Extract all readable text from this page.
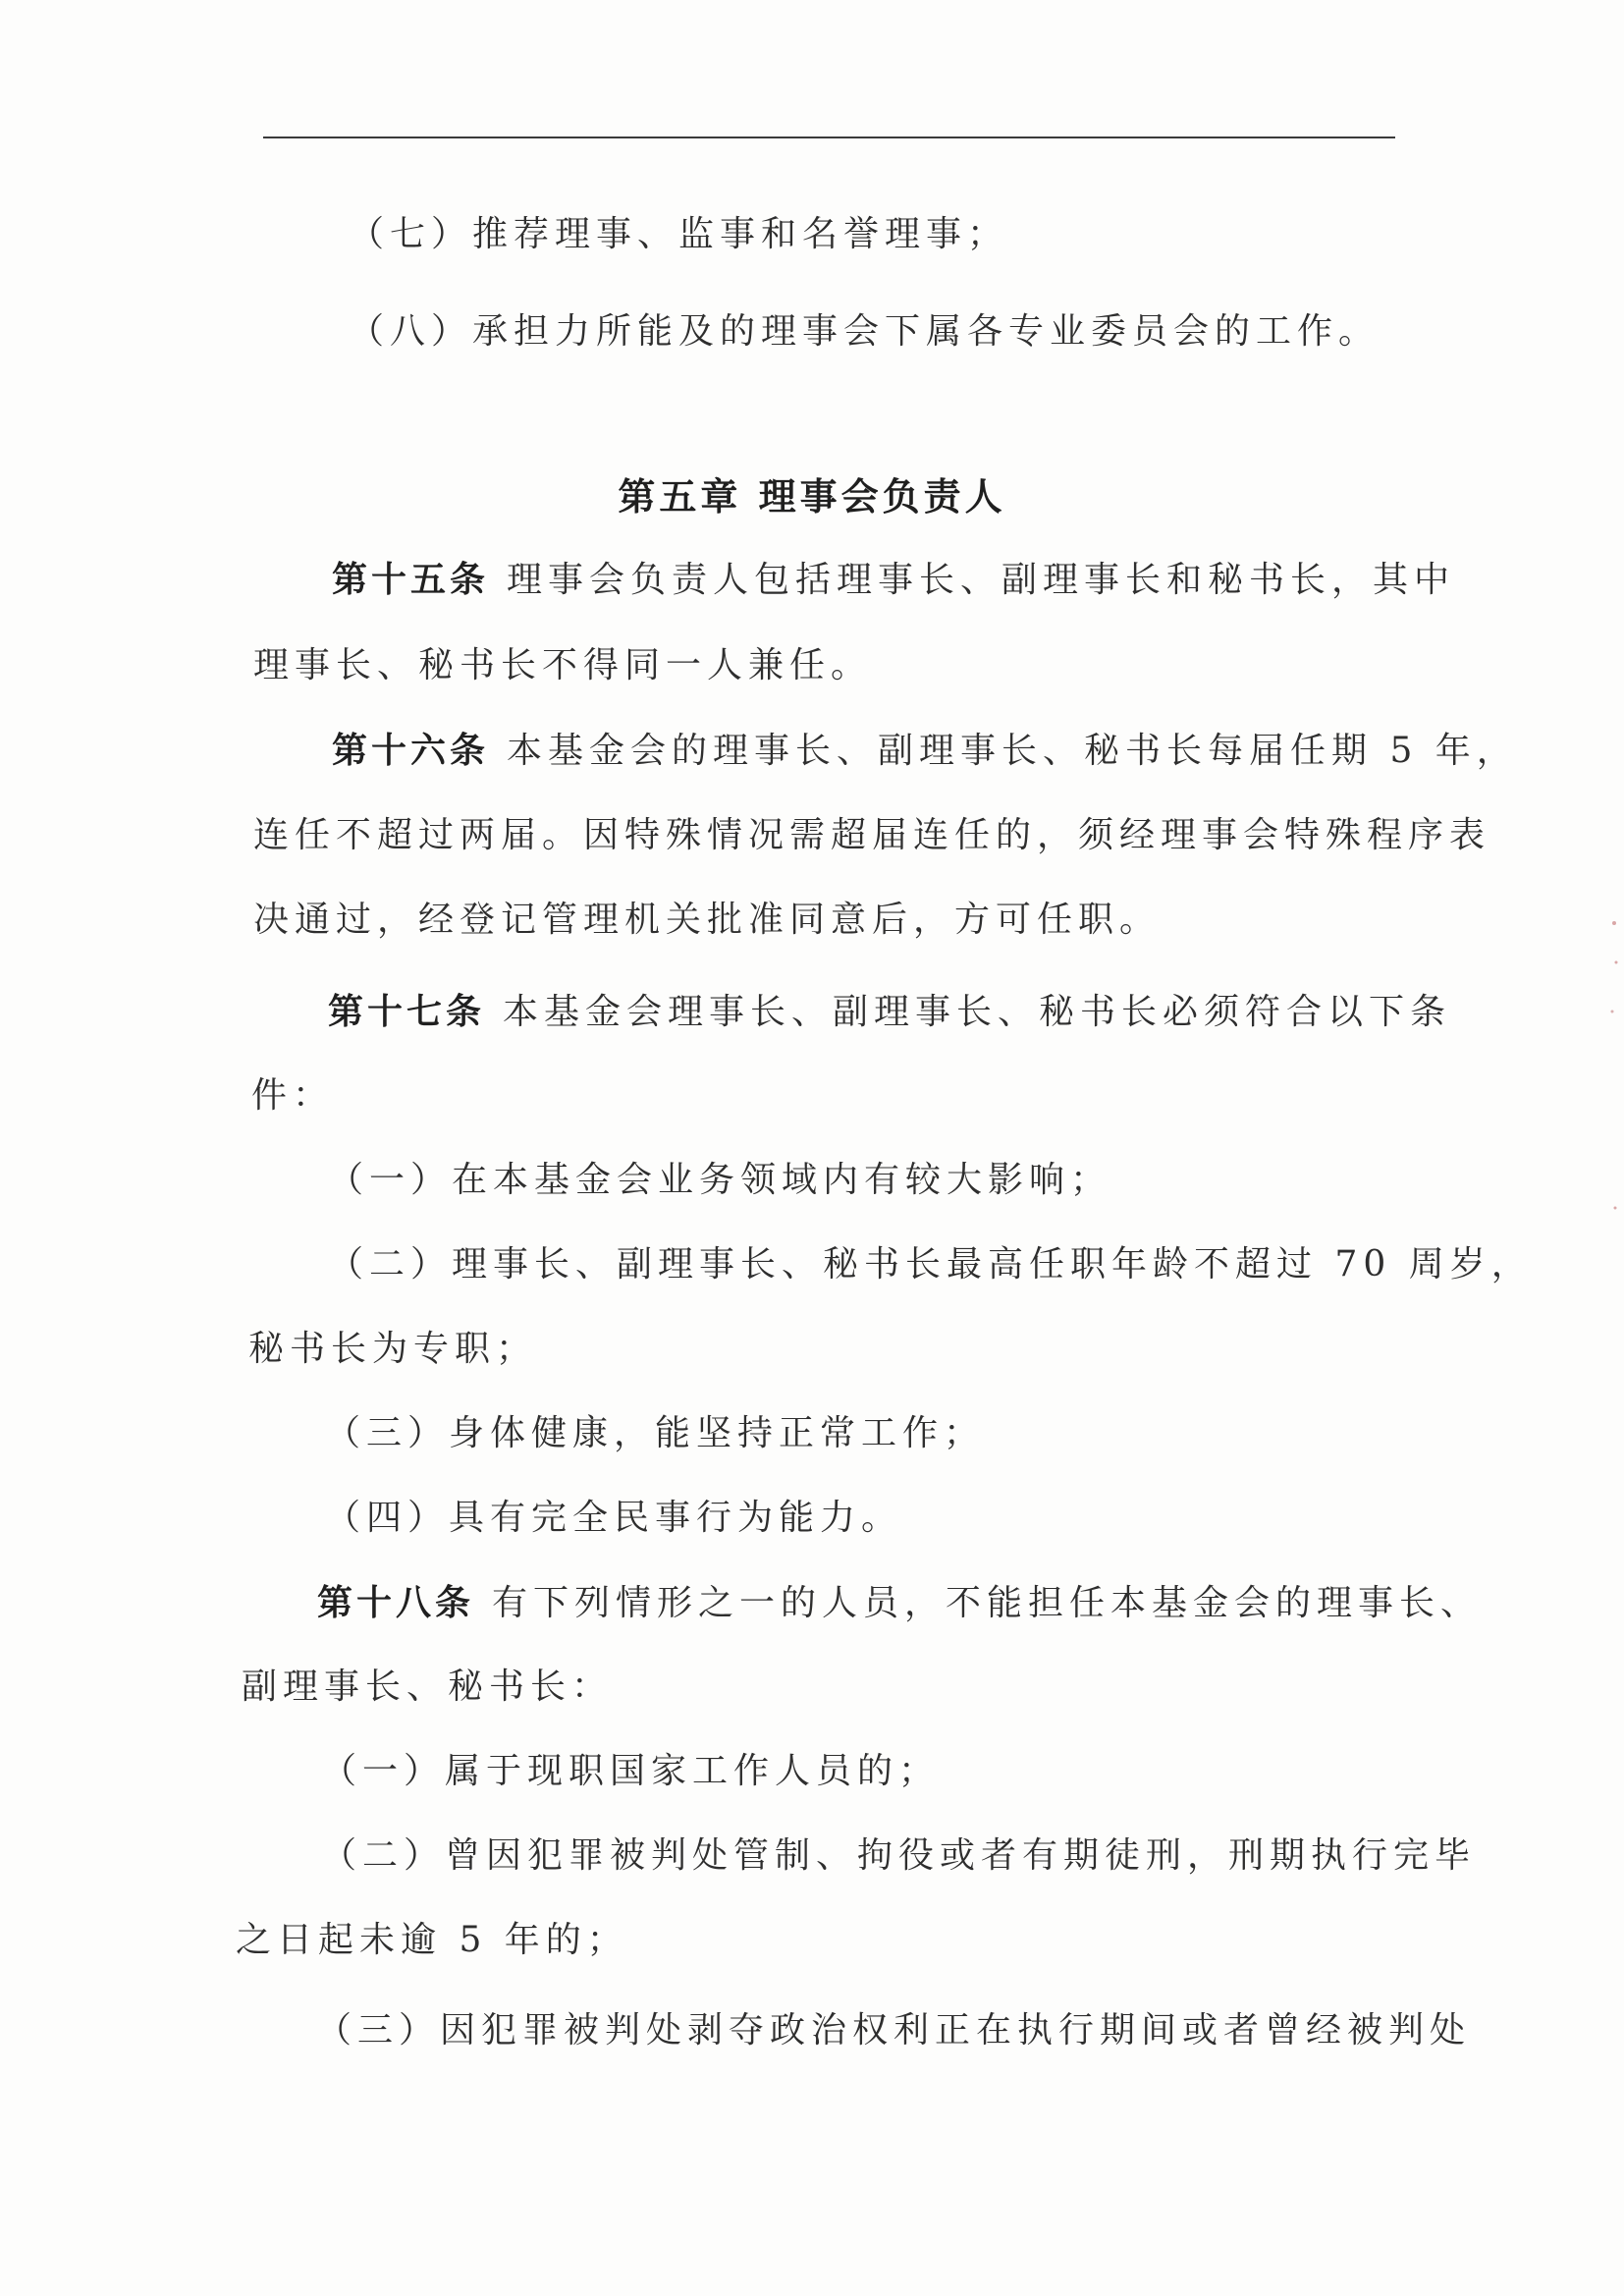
（七）推荐理事、监事和名誉理事；
（八）承担力所能及的理事会下属各专业委员会的工作。
第五章 理事会负责人
第十五条 理事会负责人包括理事长、副理事长和秘书长，其中
理事长、秘书长不得同一人兼任。
第十六条 本基金会的理事长、副理事长、秘书长每届任期 5 年，
连任不超过两届。因特殊情况需超届连任的，须经理事会特殊程序表
决通过，经登记管理机关批准同意后，方可任职。
第十七条 本基金会理事长、副理事长、秘书长必须符合以下条
件：
（一）在本基金会业务领域内有较大影响；
（二）理事长、副理事长、秘书长最高任职年龄不超过 70 周岁，
秘书长为专职；
（三）身体健康，能坚持正常工作；
（四）具有完全民事行为能力。
第十八条 有下列情形之一的人员，不能担任本基金会的理事长、
副理事长、秘书长：
（一）属于现职国家工作人员的；
（二）曾因犯罪被判处管制、拘役或者有期徒刑，刑期执行完毕
之日起未逾 5 年的；
（三）因犯罪被判处剥夺政治权利正在执行期间或者曾经被判处
